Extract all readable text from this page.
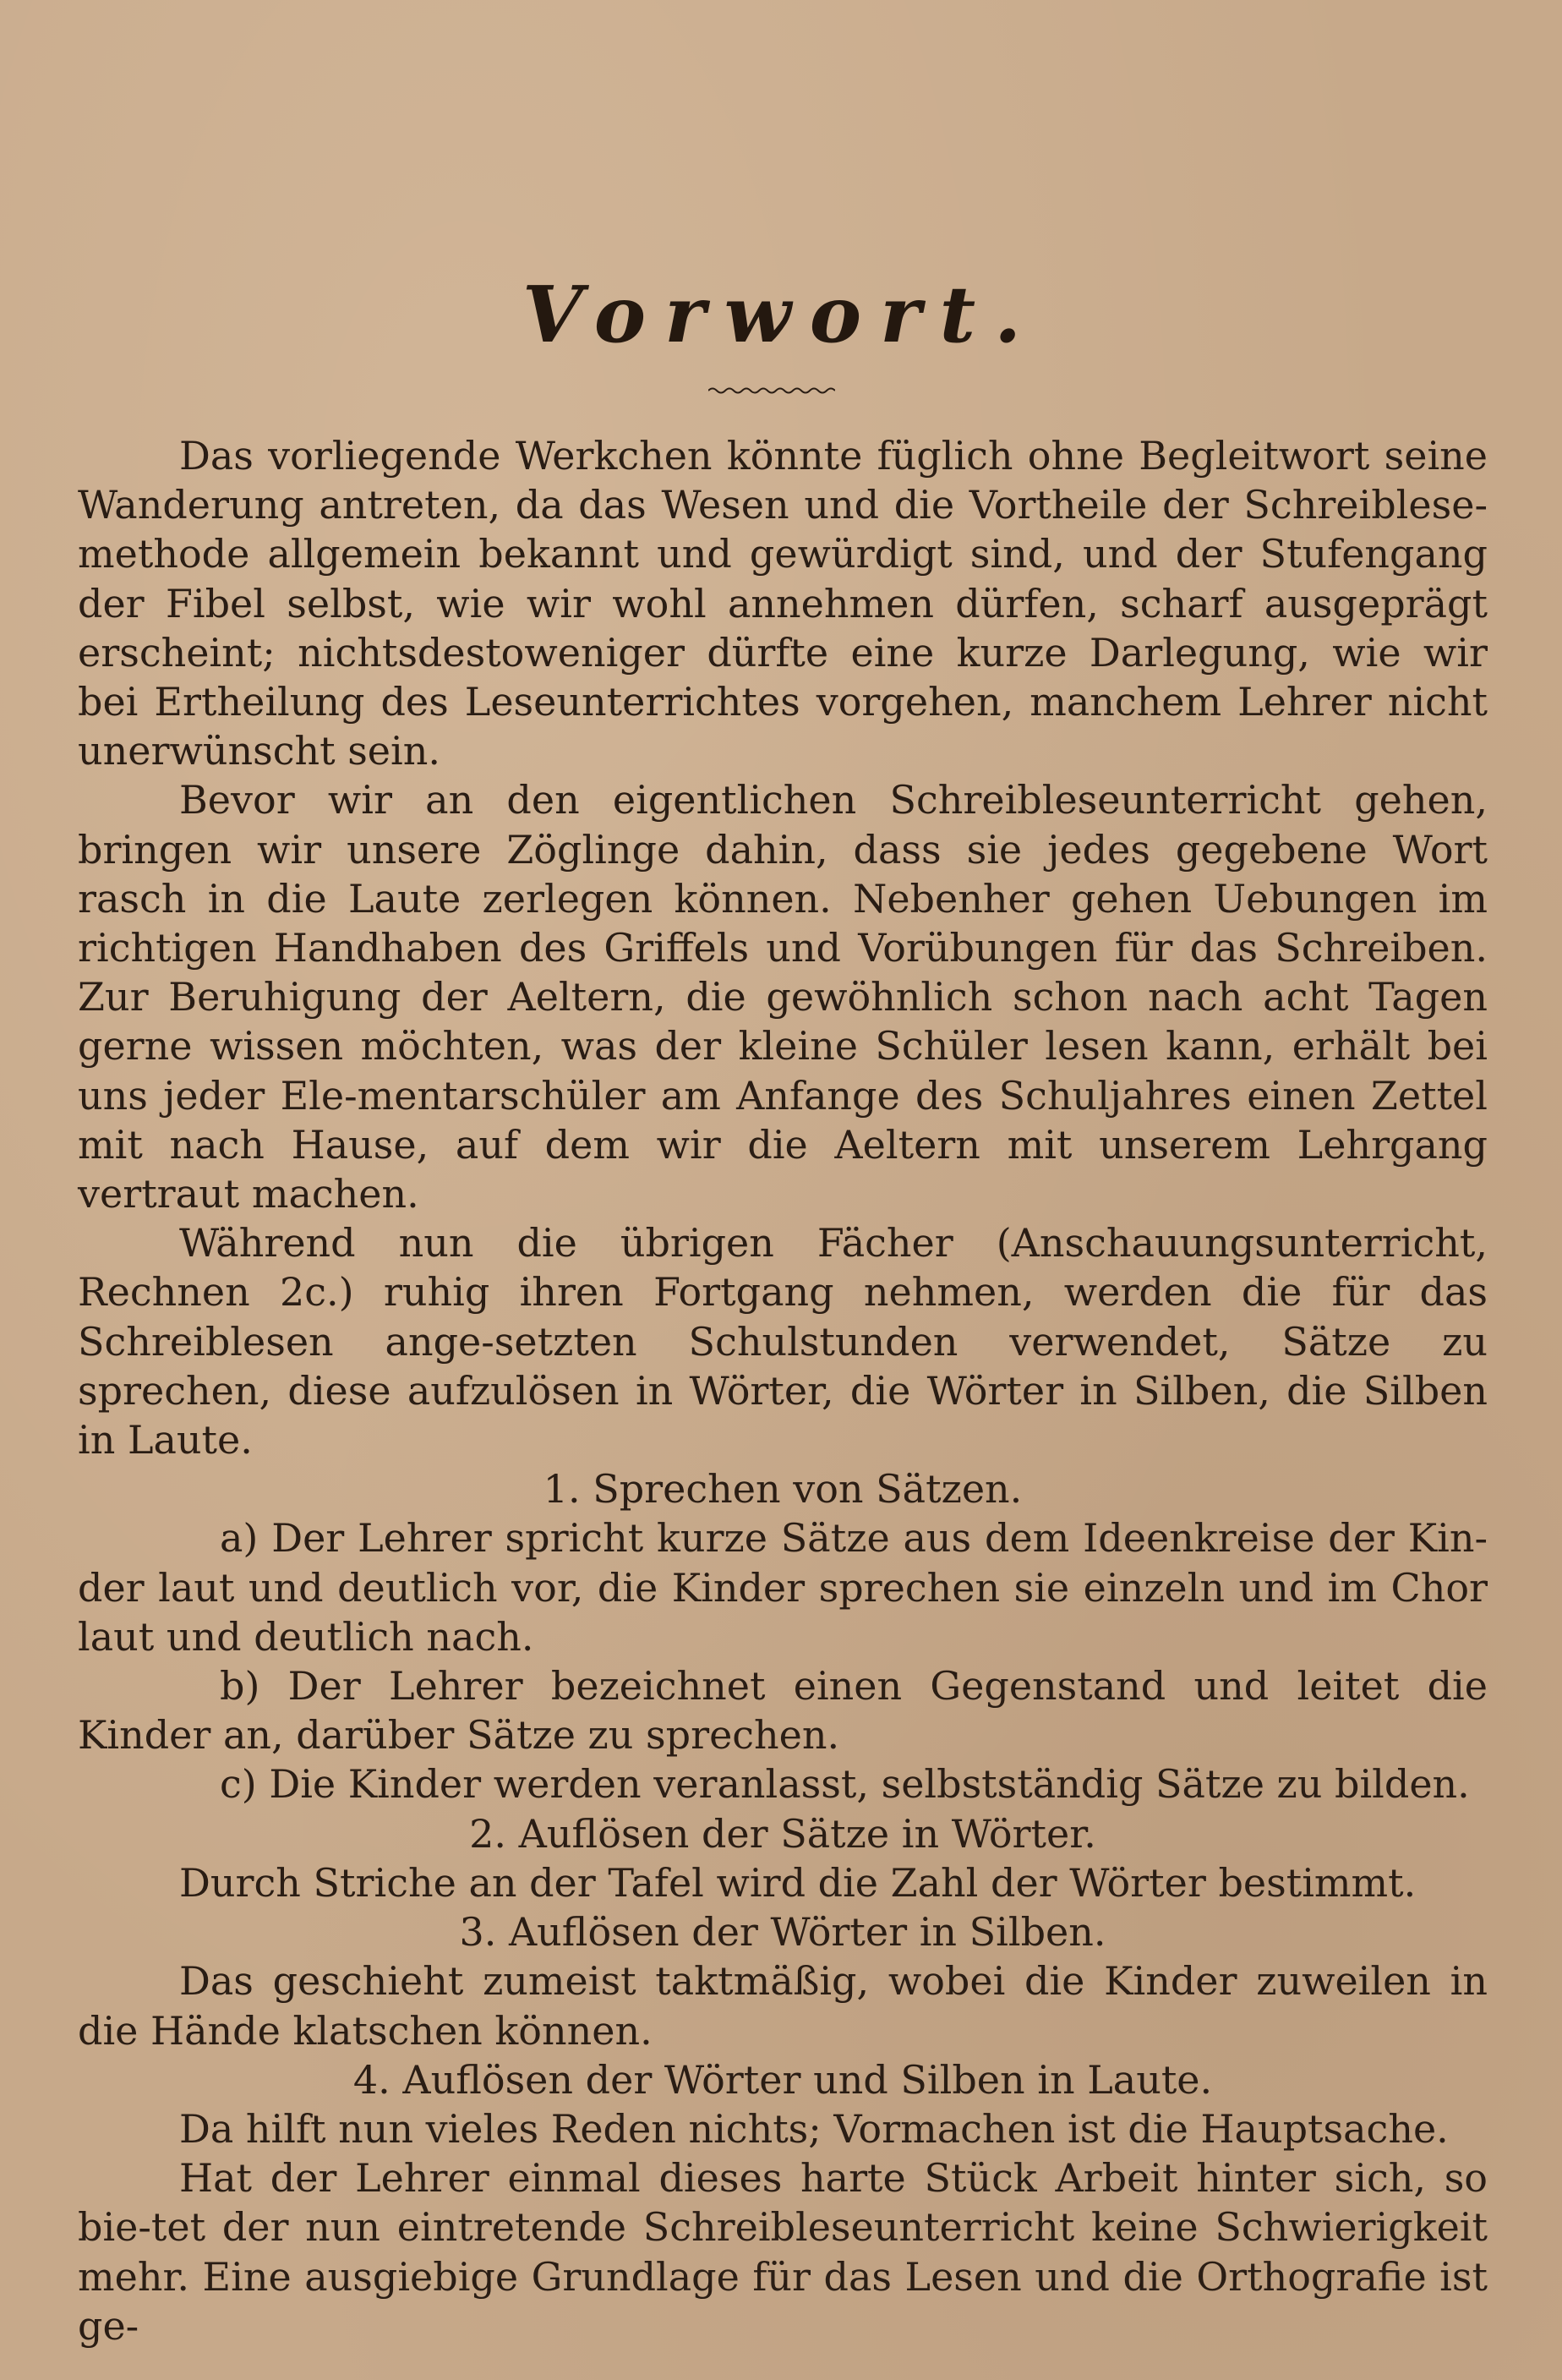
Vorwort.

Das vorliegende Werkchen könnte füglich ohne Begleitwort seine Wanderung antreten, da das Wesen und die Vortheile der Schreiblese-methode allgemein bekannt und gewürdigt sind, und der Stufengang der Fibel selbst, wie wir wohl annehmen dürfen, scharf ausgeprägt erscheint; nichtsdestoweniger dürfte eine kurze Darlegung, wie wir bei Ertheilung des Leseunterrichtes vorgehen, manchem Lehrer nicht unerwünscht sein.

Bevor wir an den eigentlichen Schreibleseunterricht gehen, bringen wir unsere Zöglinge dahin, dass sie jedes gegebene Wort rasch in die Laute zerlegen können. Nebenher gehen Uebungen im richtigen Handhaben des Griffels und Vorübungen für das Schreiben. Zur Beruhigung der Aeltern, die gewöhnlich schon nach acht Tagen gerne wissen möchten, was der kleine Schüler lesen kann, erhält bei uns jeder Ele-mentarschüler am Anfange des Schuljahres einen Zettel mit nach Hause, auf dem wir die Aeltern mit unserem Lehrgang vertraut machen.

Während nun die übrigen Fächer (Anschauungsunterricht, Rechnen 2c.) ruhig ihren Fortgang nehmen, werden die für das Schreiblesen ange-setzten Schulstunden verwendet, Sätze zu sprechen, diese aufzulösen in Wörter, die Wörter in Silben, die Silben in Laute.

1. Sprechen von Sätzen.

a) Der Lehrer spricht kurze Sätze aus dem Ideenkreise der Kin-der laut und deutlich vor, die Kinder sprechen sie einzeln und im Chor laut und deutlich nach.

b) Der Lehrer bezeichnet einen Gegenstand und leitet die Kinder an, darüber Sätze zu sprechen.

c) Die Kinder werden veranlasst, selbstständig Sätze zu bilden.

2. Auflösen der Sätze in Wörter.

Durch Striche an der Tafel wird die Zahl der Wörter bestimmt.

3. Auflösen der Wörter in Silben.

Das geschieht zumeist taktmäßig, wobei die Kinder zuweilen in die Hände klatschen können.

4. Auflösen der Wörter und Silben in Laute.

Da hilft nun vieles Reden nichts; Vormachen ist die Hauptsache.

Hat der Lehrer einmal dieses harte Stück Arbeit hinter sich, so bie-tet der nun eintretende Schreibleseunterricht keine Schwierigkeit mehr. Eine ausgiebige Grundlage für das Lesen und die Orthografie ist ge-
